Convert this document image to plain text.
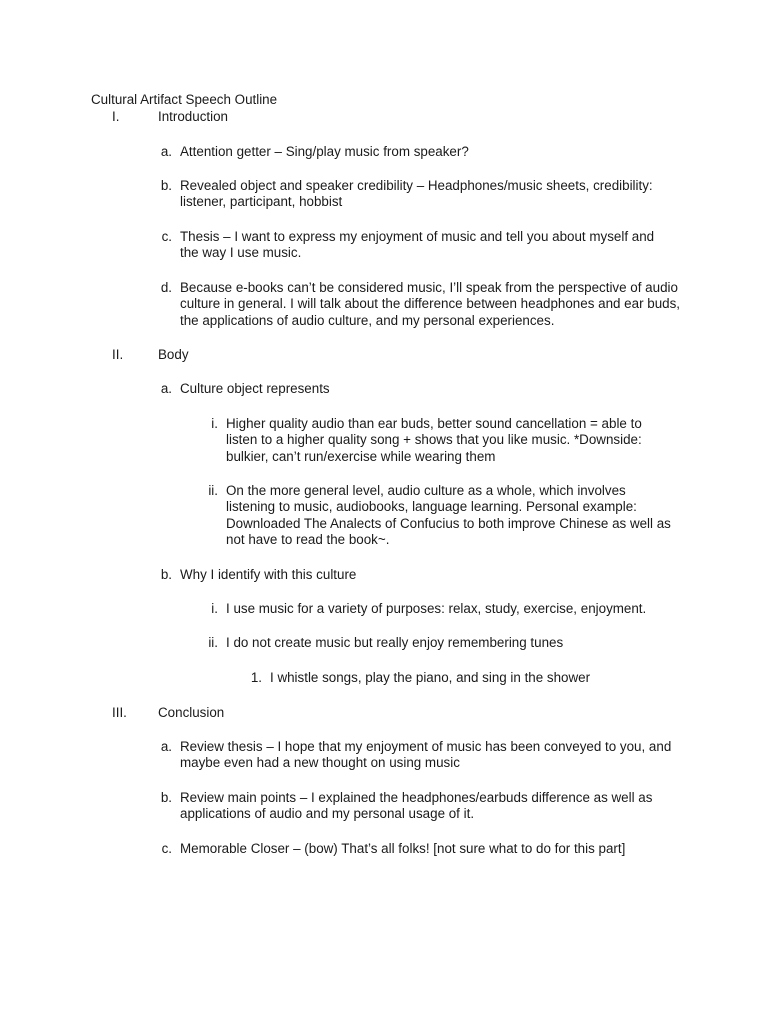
Cultural Artifact Speech Outline
I.	Introduction
a. Attention getter – Sing/play music from speaker?
b. Revealed object and speaker credibility – Headphones/music sheets, credibility: listener, participant, hobbist
c. Thesis – I want to express my enjoyment of music and tell you about myself and the way I use music.
d. Because e-books can’t be considered music, I’ll speak from the perspective of audio culture in general. I will talk about the difference between headphones and ear buds, the applications of audio culture, and my personal experiences.
II.	Body
a. Culture object represents
i. Higher quality audio than ear buds, better sound cancellation = able to listen to a higher quality song + shows that you like music. *Downside: bulkier, can’t run/exercise while wearing them
ii. On the more general level, audio culture as a whole, which involves listening to music, audiobooks, language learning. Personal example: Downloaded The Analects of Confucius to both improve Chinese as well as not have to read the book~.
b. Why I identify with this culture
i. I use music for a variety of purposes: relax, study, exercise, enjoyment.
ii. I do not create music but really enjoy remembering tunes
1. I whistle songs, play the piano, and sing in the shower
III. Conclusion
a. Review thesis – I hope that my enjoyment of music has been conveyed to you, and maybe even had a new thought on using music
b. Review main points – I explained the headphones/earbuds difference as well as applications of audio and my personal usage of it.
c. Memorable Closer – (bow) That’s all folks! [not sure what to do for this part]
